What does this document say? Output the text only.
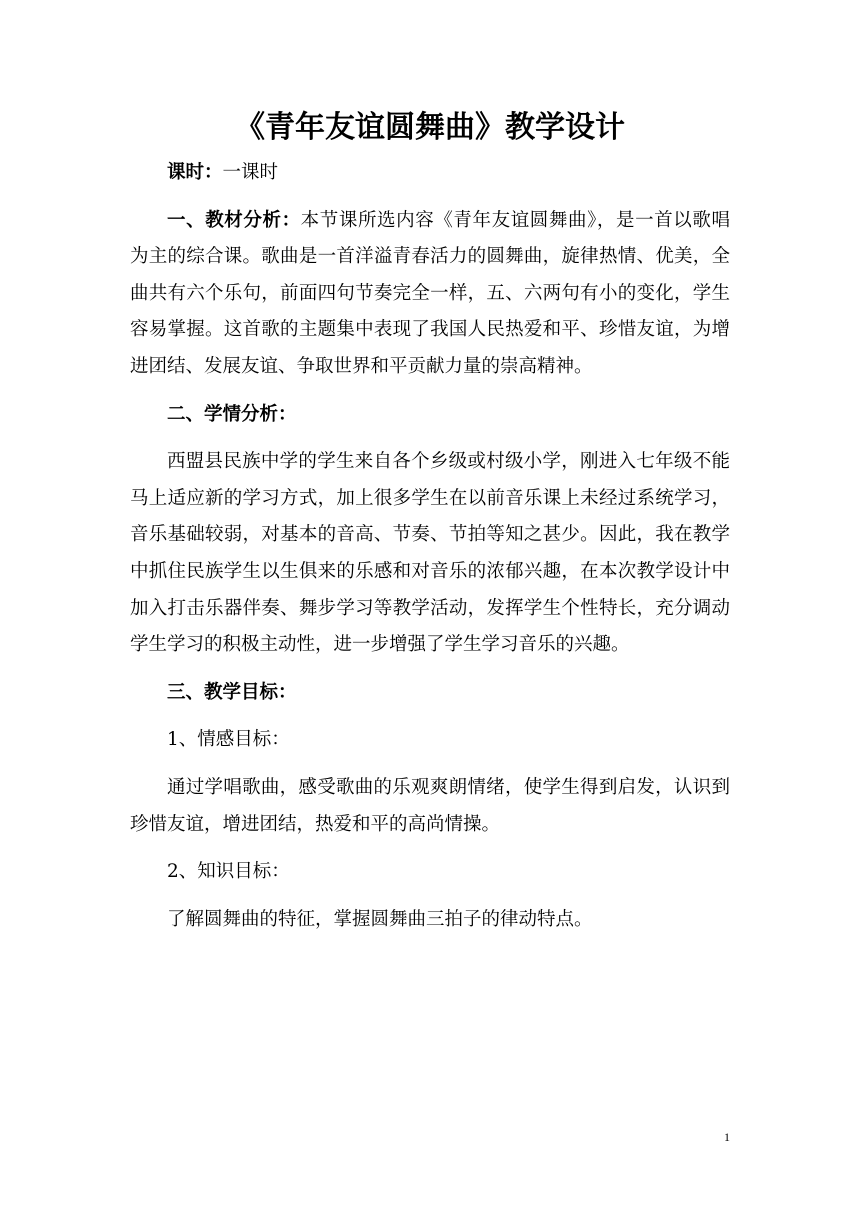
《青年友谊圆舞曲》教学设计

课时：一课时

一、教材分析：本节课所选内容《青年友谊圆舞曲》，是一首以歌唱为主的综合课。歌曲是一首洋溢青春活力的圆舞曲，旋律热情、优美，全曲共有六个乐句，前面四句节奏完全一样，五、六两句有小的变化，学生容易掌握。这首歌的主题集中表现了我国人民热爱和平、珍惜友谊，为增进团结、发展友谊、争取世界和平贡献力量的崇高精神。

二、学情分析：

西盟县民族中学的学生来自各个乡级或村级小学，刚进入七年级不能马上适应新的学习方式，加上很多学生在以前音乐课上未经过系统学习，音乐基础较弱，对基本的音高、节奏、节拍等知之甚少。因此，我在教学中抓住民族学生以生俱来的乐感和对音乐的浓郁兴趣，在本次教学设计中加入打击乐器伴奏、舞步学习等教学活动，发挥学生个性特长，充分调动学生学习的积极主动性，进一步增强了学生学习音乐的兴趣。

三、教学目标：

1、情感目标：

通过学唱歌曲，感受歌曲的乐观爽朗情绪，使学生得到启发，认识到珍惜友谊，增进团结，热爱和平的高尚情操。

2、知识目标：

了解圆舞曲的特征，掌握圆舞曲三拍子的律动特点。

1
